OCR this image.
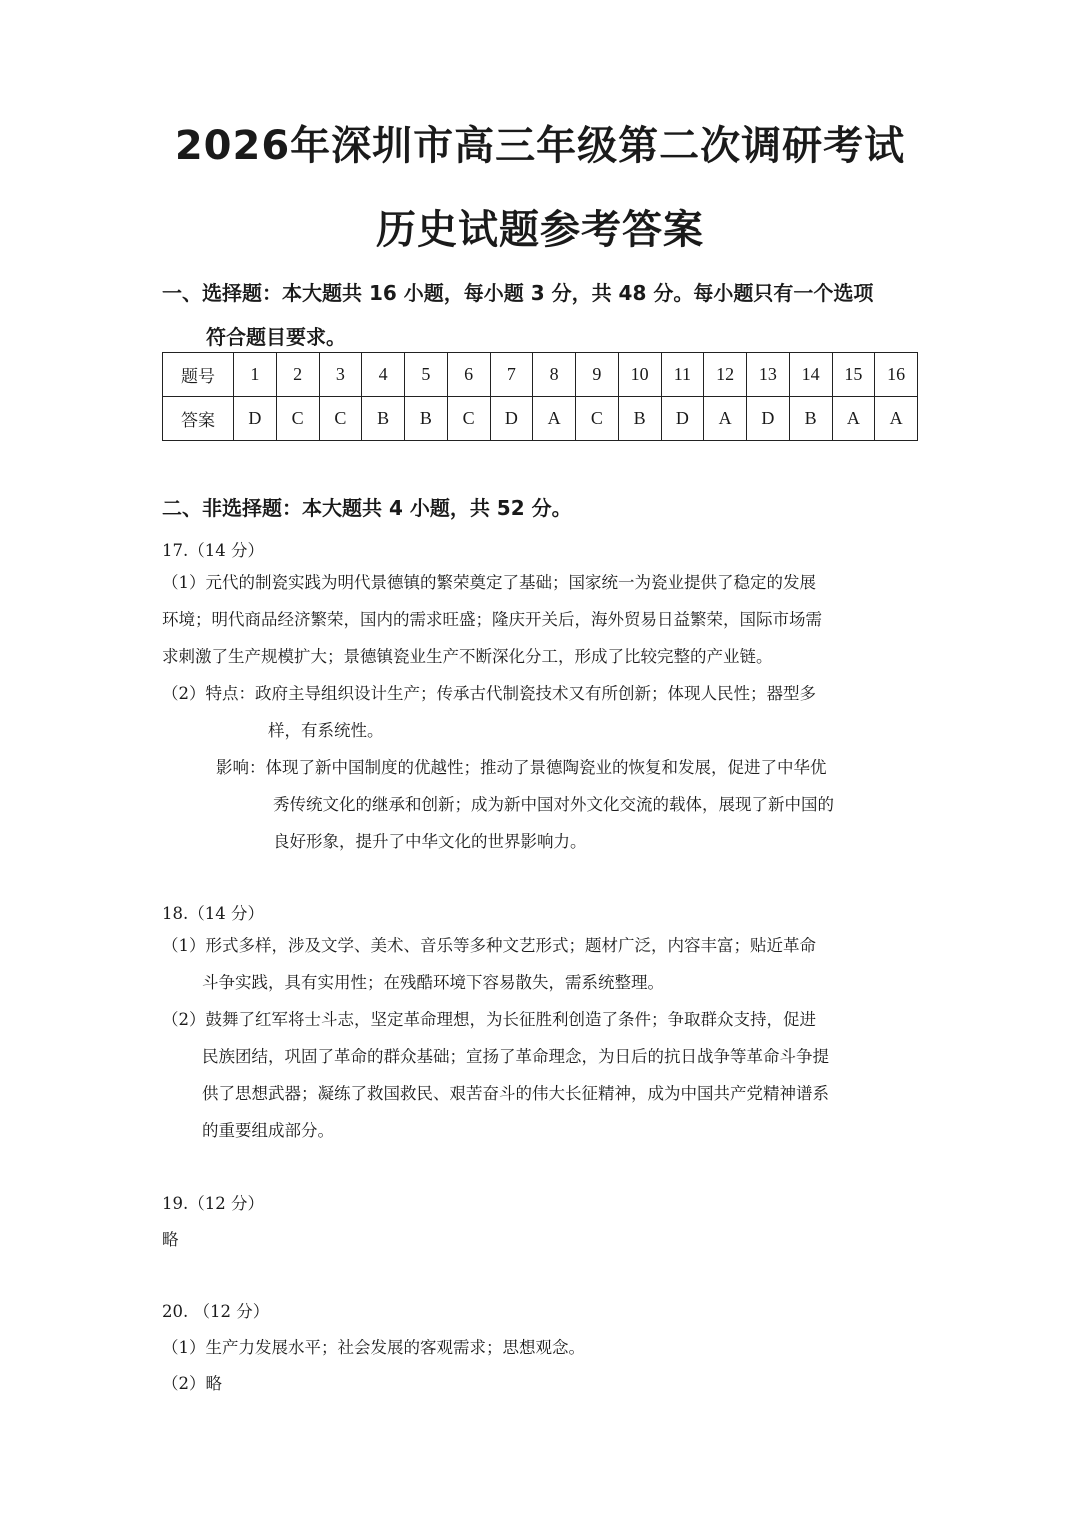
2026年深圳市高三年级第二次调研考试
历史试题参考答案
一、选择题：本大题共 16 小题，每小题 3 分，共 48 分。每小题只有一个选项
符合题目要求。
题号	1	2	3	4	5	6	7	8	9	10	11	12	13	14	15	16
答案	D	C	C	B	B	C	D	A	C	B	D	A	D	B	A	A
二、非选择题：本大题共 4 小题，共 52 分。
17.（14 分）
（1）元代的制瓷实践为明代景德镇的繁荣奠定了基础；国家统一为瓷业提供了稳定的发展
环境；明代商品经济繁荣，国内的需求旺盛；隆庆开关后，海外贸易日益繁荣，国际市场需
求刺激了生产规模扩大；景德镇瓷业生产不断深化分工，形成了比较完整的产业链。
（2）特点：政府主导组织设计生产；传承古代制瓷技术又有所创新；体现人民性；器型多
样，有系统性。
影响：体现了新中国制度的优越性；推动了景德陶瓷业的恢复和发展，促进了中华优
秀传统文化的继承和创新；成为新中国对外文化交流的载体，展现了新中国的
良好形象，提升了中华文化的世界影响力。
18.（14 分）
（1）形式多样，涉及文学、美术、音乐等多种文艺形式；题材广泛，内容丰富；贴近革命
斗争实践，具有实用性；在残酷环境下容易散失，需系统整理。
（2）鼓舞了红军将士斗志，坚定革命理想，为长征胜利创造了条件；争取群众支持，促进
民族团结，巩固了革命的群众基础；宣扬了革命理念，为日后的抗日战争等革命斗争提
供了思想武器；凝练了救国救民、艰苦奋斗的伟大长征精神，成为中国共产党精神谱系
的重要组成部分。
19.（12 分）
略
20. （12 分）
（1）生产力发展水平；社会发展的客观需求；思想观念。
（2）略
